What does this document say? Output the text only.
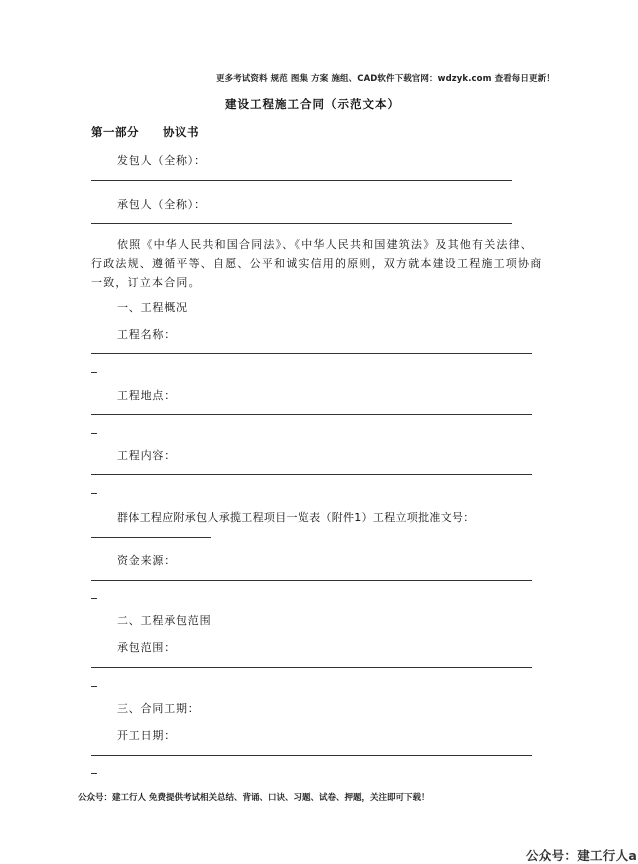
更多考试资料 规范 图集 方案 施组、CAD软件下载官网：wdzyk.com 查看每日更新！
建设工程施工合同（示范文本）
第一部分　　协议书
发包人（全称）：
承包人（全称）：
依照《中华人民共和国合同法》、《中华人民共和国建筑法》及其他有关法律、行政法规、遵循平等、自愿、公平和诚实信用的原则，双方就本建设工程施工项协商一致，订立本合同。
一、工程概况
工程名称：
工程地点：
工程内容：
群体工程应附承包人承揽工程项目一览表（附件1）工程立项批准文号：
资金来源：
二、工程承包范围
承包范围：
三、合同工期：
开工日期：
公众号：建工行人 免费提供考试相关总结、背诵、口诀、习题、试卷、押题，关注即可下载！
公众号：建工行人a
